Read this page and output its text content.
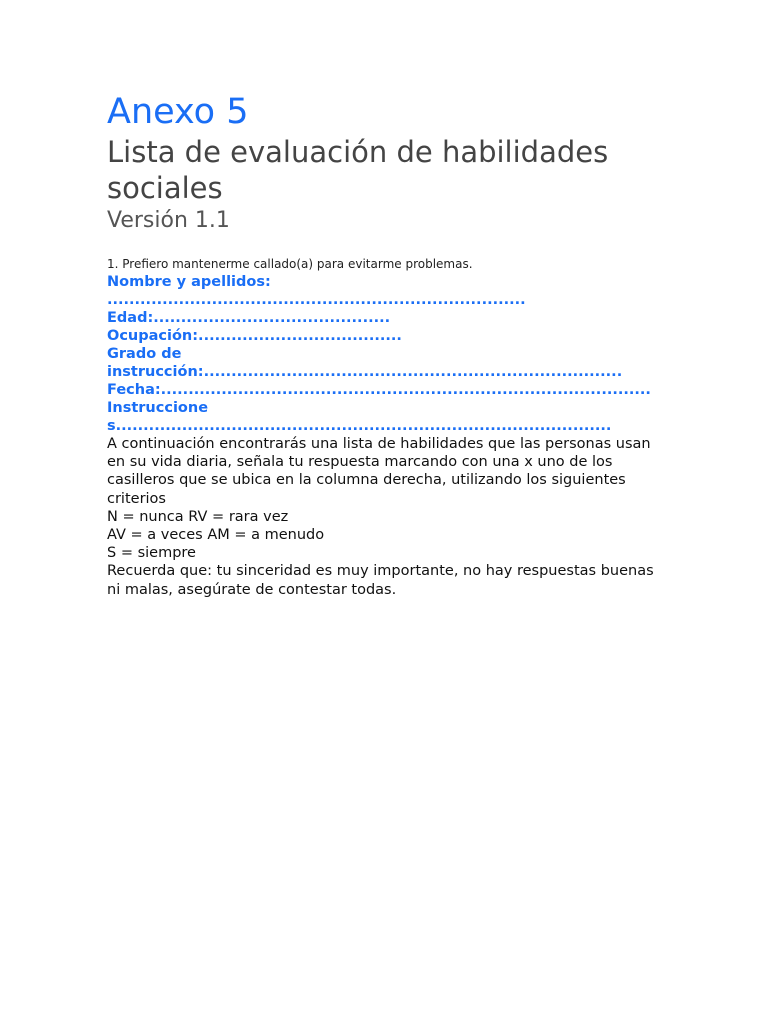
Anexo 5
Lista de evaluación de habilidades sociales
Versión 1.1
1. Prefiero mantenerme callado(a) para evitarme problemas.
Nombre y apellidos: ............................................................................
Edad:...........................................
Ocupación:.....................................
Grado de instrucción:............................................................................
Fecha:.........................................................................................
Instrucciones..........................................................................................
A continuación encontrarás una lista de habilidades que las personas usan en su vida diaria, señala tu respuesta marcando con una x uno de los casilleros que se ubica en la columna derecha, utilizando los siguientes criterios
N = nunca RV = rara vez
AV = a veces AM = a menudo
S = siempre
Recuerda que: tu sinceridad es muy importante, no hay respuestas buenas ni malas, asegúrate de contestar todas.
